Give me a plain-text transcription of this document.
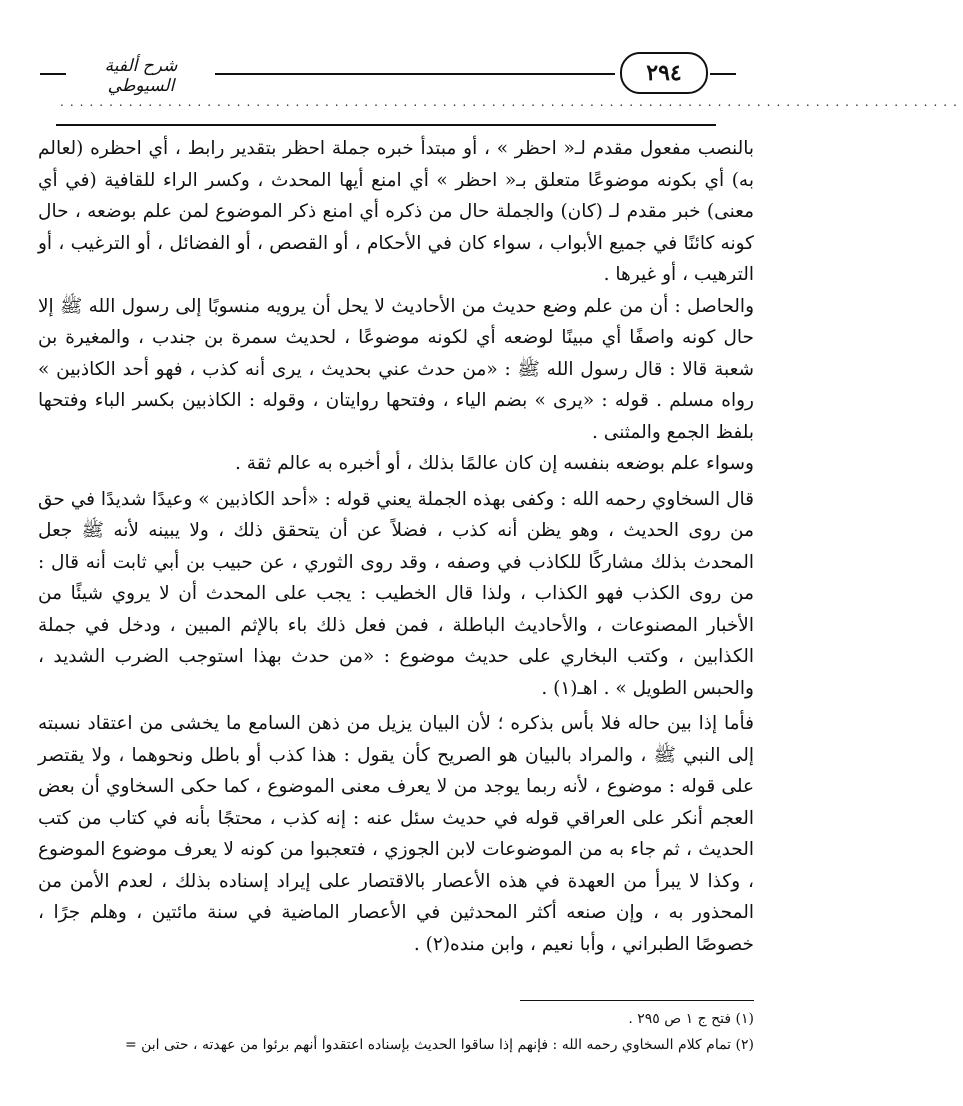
شرح ألفية السيوطي	٢٩٤
............................................................................................

بالنصب مفعول مقدم لـ« احظر » ، أو مبتدأ خبره جملة احظر بتقدير رابط ، أي احظره (لعالم به) أي بكونه موضوعًا متعلق بـ« احظر » أي امنع أيها المحدث ، وكسر الراء للقافية (في أي معنى) خبر مقدم لـ (كان) والجملة حال من ذكره أي امنع ذكر الموضوع لمن علم بوضعه ، حال كونه كائنًا في جميع الأبواب ، سواء كان في الأحكام ، أو القصص ، أو الفضائل ، أو الترغيب ، أو الترهيب ، أو غيرها .

والحاصل : أن من علم وضع حديث من الأحاديث لا يحل أن يرويه منسوبًا إلى رسول الله ﷺ إلا حال كونه واصفًا أي مبينًا لوضعه أي لكونه موضوعًا ، لحديث سمرة بن جندب ، والمغيرة بن شعبة قالا : قال رسول الله ﷺ : «من حدث عني بحديث ، يرى أنه كذب ، فهو أحد الكاذبين » رواه مسلم . قوله : «يرى » بضم الياء ، وفتحها روايتان ، وقوله : الكاذبين بكسر الباء وفتحها بلفظ الجمع والمثنى .

وسواء علم بوضعه بنفسه إن كان عالمًا بذلك ، أو أخبره به عالم ثقة .

قال السخاوي رحمه الله : وكفى بهذه الجملة يعني قوله : «أحد الكاذبين » وعيدًا شديدًا في حق من روى الحديث ، وهو يظن أنه كذب ، فضلاً عن أن يتحقق ذلك ، ولا يبينه لأنه ﷺ جعل المحدث بذلك مشاركًا للكاذب في وصفه ، وقد روى الثوري ، عن حبيب بن أبي ثابت أنه قال : من روى الكذب فهو الكذاب ، ولذا قال الخطيب : يجب على المحدث أن لا يروي شيئًا من الأخبار المصنوعات ، والأحاديث الباطلة ، فمن فعل ذلك باء بالإثم المبين ، ودخل في جملة الكذابين ، وكتب البخاري على حديث موضوع : «من حدث بهذا استوجب الضرب الشديد ، والحبس الطويل » . اهـ(١) .

فأما إذا بين حاله فلا بأس بذكره ؛ لأن البيان يزيل من ذهن السامع ما يخشى من اعتقاد نسبته إلى النبي ﷺ ، والمراد بالبيان هو الصريح كأن يقول : هذا كذب أو باطل ونحوهما ، ولا يقتصر على قوله : موضوع ، لأنه ربما يوجد من لا يعرف معنى الموضوع ، كما حكى السخاوي أن بعض العجم أنكر على العراقي قوله في حديث سئل عنه : إنه كذب ، محتجًا بأنه في كتاب من كتب الحديث ، ثم جاء به من الموضوعات لابن الجوزي ، فتعجبوا من كونه لا يعرف موضوع الموضوع ، وكذا لا يبرأ من العهدة في هذه الأعصار بالاقتصار على إيراد إسناده بذلك ، لعدم الأمن من المحذور به ، وإن صنعه أكثر المحدثين في الأعصار الماضية في سنة مائتين ، وهلم جرًا ، خصوصًا الطبراني ، وأبا نعيم ، وابن منده(٢) .

(١) فتح ج ١ ص ٢٩٥ .

(٢) تمام كلام السخاوي رحمه الله : فإنهم إذا ساقوا الحديث بإسناده اعتقدوا أنهم برئوا من عهدته ، حتى ابن =
